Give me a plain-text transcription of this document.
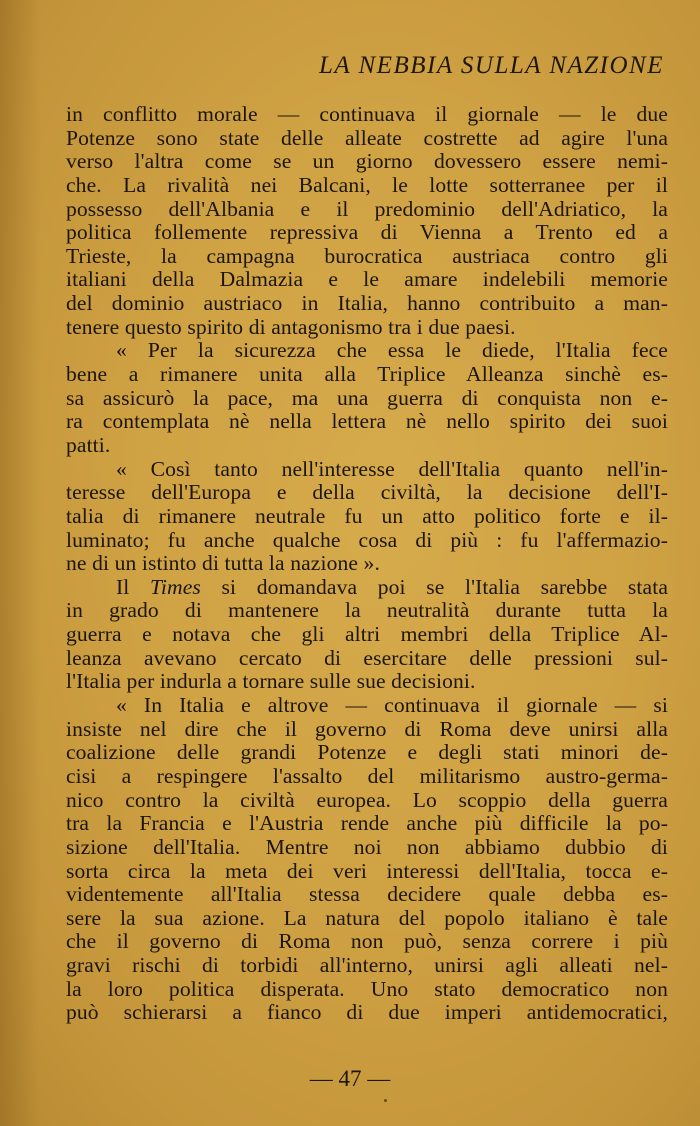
LA NEBBIA SULLA NAZIONE
in conflitto morale — continuava il giornale — le due
Potenze sono state delle alleate costrette ad agire l'una
verso l'altra come se un giorno dovessero essere nemi-
che. La rivalità nei Balcani, le lotte sotterranee per il
possesso dell'Albania e il predominio dell'Adriatico, la
politica follemente repressiva di Vienna a Trento ed a
Trieste, la campagna burocratica austriaca contro gli
italiani della Dalmazia e le amare indelebili memorie
del dominio austriaco in Italia, hanno contribuito a man-
tenere questo spirito di antagonismo tra i due paesi.
« Per la sicurezza che essa le diede, l'Italia fece
bene a rimanere unita alla Triplice Alleanza sinchè es-
sa assicurò la pace, ma una guerra di conquista non e-
ra contemplata nè nella lettera nè nello spirito dei suoi
patti.
« Così tanto nell'interesse dell'Italia quanto nell'in-
teresse dell'Europa e della civiltà, la decisione dell'I-
talia di rimanere neutrale fu un atto politico forte e il-
luminato; fu anche qualche cosa di più : fu l'affermazio-
ne di un istinto di tutta la nazione ».
Il Times si domandava poi se l'Italia sarebbe stata
in grado di mantenere la neutralità durante tutta la
guerra e notava che gli altri membri della Triplice Al-
leanza avevano cercato di esercitare delle pressioni sul-
l'Italia per indurla a tornare sulle sue decisioni.
« In Italia e altrove — continuava il giornale — si
insiste nel dire che il governo di Roma deve unirsi alla
coalizione delle grandi Potenze e degli stati minori de-
cisi a respingere l'assalto del militarismo austro-germa-
nico contro la civiltà europea. Lo scoppio della guerra
tra la Francia e l'Austria rende anche più difficile la po-
sizione dell'Italia. Mentre noi non abbiamo dubbio di
sorta circa la meta dei veri interessi dell'Italia, tocca e-
videntemente all'Italia stessa decidere quale debba es-
sere la sua azione. La natura del popolo italiano è tale
che il governo di Roma non può, senza correre i più
gravi rischi di torbidi all'interno, unirsi agli alleati nel-
la loro politica disperata. Uno stato democratico non
può schierarsi a fianco di due imperi antidemocratici,
— 47 —
